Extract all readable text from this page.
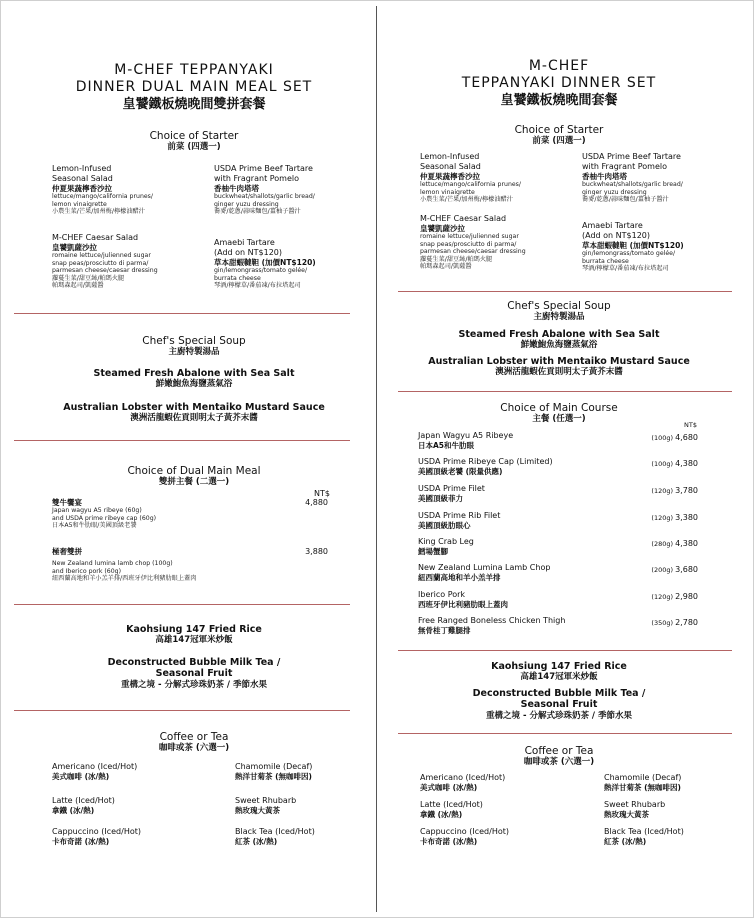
M-CHEF TEPPANYAKI
DINNER DUAL MAIN MEAL SET
皇饕鐵板燒晚間雙拼套餐
Choice of Starter
前菜 (四選一)
Lemon-Infused
Seasonal Salad
仲夏果蔬檸香沙拉
lettuce/mango/california prunes/
lemon vinaigrette
小農生菜/芒果/加州梅/檸檬油醋汁
USDA Prime Beef Tartare
with Fragrant Pomelo
香柚牛肉塔塔
buckwheat/shallots/garlic bread/
ginger yuzu dressing
蕎麥/乾蔥/蒜味麵包/薑柚子醬汁
M-CHEF Caesar Salad
皇饕凱薩沙拉
romaine lettuce/julienned sugar
snap peas/prosciutto di parma/
parmesan cheese/caesar dressing
蘿蔓生菜/甜豆絲/帕瑪火腿
帕瑪森起司/凱薩醬
Amaebi Tartare
(Add on NT$120)
草本甜蝦韃靼 (加價NT$120)
gin/lemongrass/tomato gelée/
burrata cheese
琴酒/檸檬草/番茄凍/布拉塔起司
Chef's Special Soup
主廚特製湯品
Steamed Fresh Abalone with Sea Salt
鮮嫩鮑魚海鹽蒸氣浴
Australian Lobster with Mentaiko Mustard Sauce
澳洲活龍蝦佐貢則明太子黃芥末醬
Choice of Dual Main Meal
雙拼主餐 (二選一)
NT$
雙牛饗宴	4,880
Japan wagyu A5 ribeye (60g)
and USDA prime ribeye cap (60g)
日本A5和牛肋眼/美國頂級老饕
極奢雙拼	3,880
New Zealand lumina lamb chop (100g)
and Iberico pork (60g)
紐西蘭高地和羊小羔羊排/西班牙伊比利豬肋眼上蓋肉
Kaohsiung 147 Fried Rice
高雄147冠軍米炒飯
Deconstructed Bubble Milk Tea /
Seasonal Fruit
重構之境 - 分解式珍珠奶茶 / 季節水果
Coffee or Tea
咖啡或茶 (六選一)
Americano (Iced/Hot)
美式咖啡 (冰/熱)
Chamomile (Decaf)
熱洋甘菊茶 (無咖啡因)
Latte (Iced/Hot)
拿鐵 (冰/熱)
Sweet Rhubarb
熱玫瑰大黃茶
Cappuccino (Iced/Hot)
卡布奇諾 (冰/熱)
Black Tea (Iced/Hot)
紅茶 (冰/熱)
M-CHEF
TEPPANYAKI DINNER SET
皇饕鐵板燒晚間套餐
Choice of Starter
前菜 (四選一)
Lemon-Infused
Seasonal Salad
仲夏果蔬檸香沙拉
lettuce/mango/california prunes/
lemon vinaigrette
小農生菜/芒果/加州梅/檸檬油醋汁
USDA Prime Beef Tartare
with Fragrant Pomelo
香柚牛肉塔塔
buckwheat/shallots/garlic bread/
ginger yuzu dressing
蕎麥/乾蔥/蒜味麵包/薑柚子醬汁
M-CHEF Caesar Salad
皇饕凱薩沙拉
romaine lettuce/julienned sugar
snap peas/prosciutto di parma/
parmesan cheese/caesar dressing
蘿蔓生菜/甜豆絲/帕瑪火腿
帕瑪森起司/凱薩醬
Amaebi Tartare
(Add on NT$120)
草本甜蝦韃靼 (加價NT$120)
gin/lemongrass/tomato gelée/
burrata cheese
琴酒/檸檬草/番茄凍/布拉塔起司
Chef's Special Soup
主廚特製湯品
Steamed Fresh Abalone with Sea Salt
鮮嫩鮑魚海鹽蒸氣浴
Australian Lobster with Mentaiko Mustard Sauce
澳洲活龍蝦佐貢則明太子黃芥末醬
Choice of Main Course
主餐 (任選一)
NT$
Japan Wagyu A5 Ribeye
日本A5和牛肋眼
(100g) 4,680
USDA Prime Ribeye Cap (Limited)
美國頂級老饕 (限量供應)
(100g) 4,380
USDA Prime Filet
美國頂級菲力
(120g) 3,780
USDA Prime Rib Filet
美國頂級肋眼心
(120g) 3,380
King Crab Leg
鱈場蟹腳
(280g) 4,380
New Zealand Lumina Lamb Chop
紐西蘭高地和羊小羔羊排
(200g) 3,680
Iberico Pork
西班牙伊比利豬肋眼上蓋肉
(120g) 2,980
Free Ranged Boneless Chicken Thigh
無骨桂丁雞腿排
(350g) 2,780
Kaohsiung 147 Fried Rice
高雄147冠軍米炒飯
Deconstructed Bubble Milk Tea /
Seasonal Fruit
重構之境 - 分解式珍珠奶茶 / 季節水果
Coffee or Tea
咖啡或茶 (六選一)
Americano (Iced/Hot)
美式咖啡 (冰/熱)
Chamomile (Decaf)
熱洋甘菊茶 (無咖啡因)
Latte (Iced/Hot)
拿鐵 (冰/熱)
Sweet Rhubarb
熱玫瑰大黃茶
Cappuccino (Iced/Hot)
卡布奇諾 (冰/熱)
Black Tea (Iced/Hot)
紅茶 (冰/熱)
